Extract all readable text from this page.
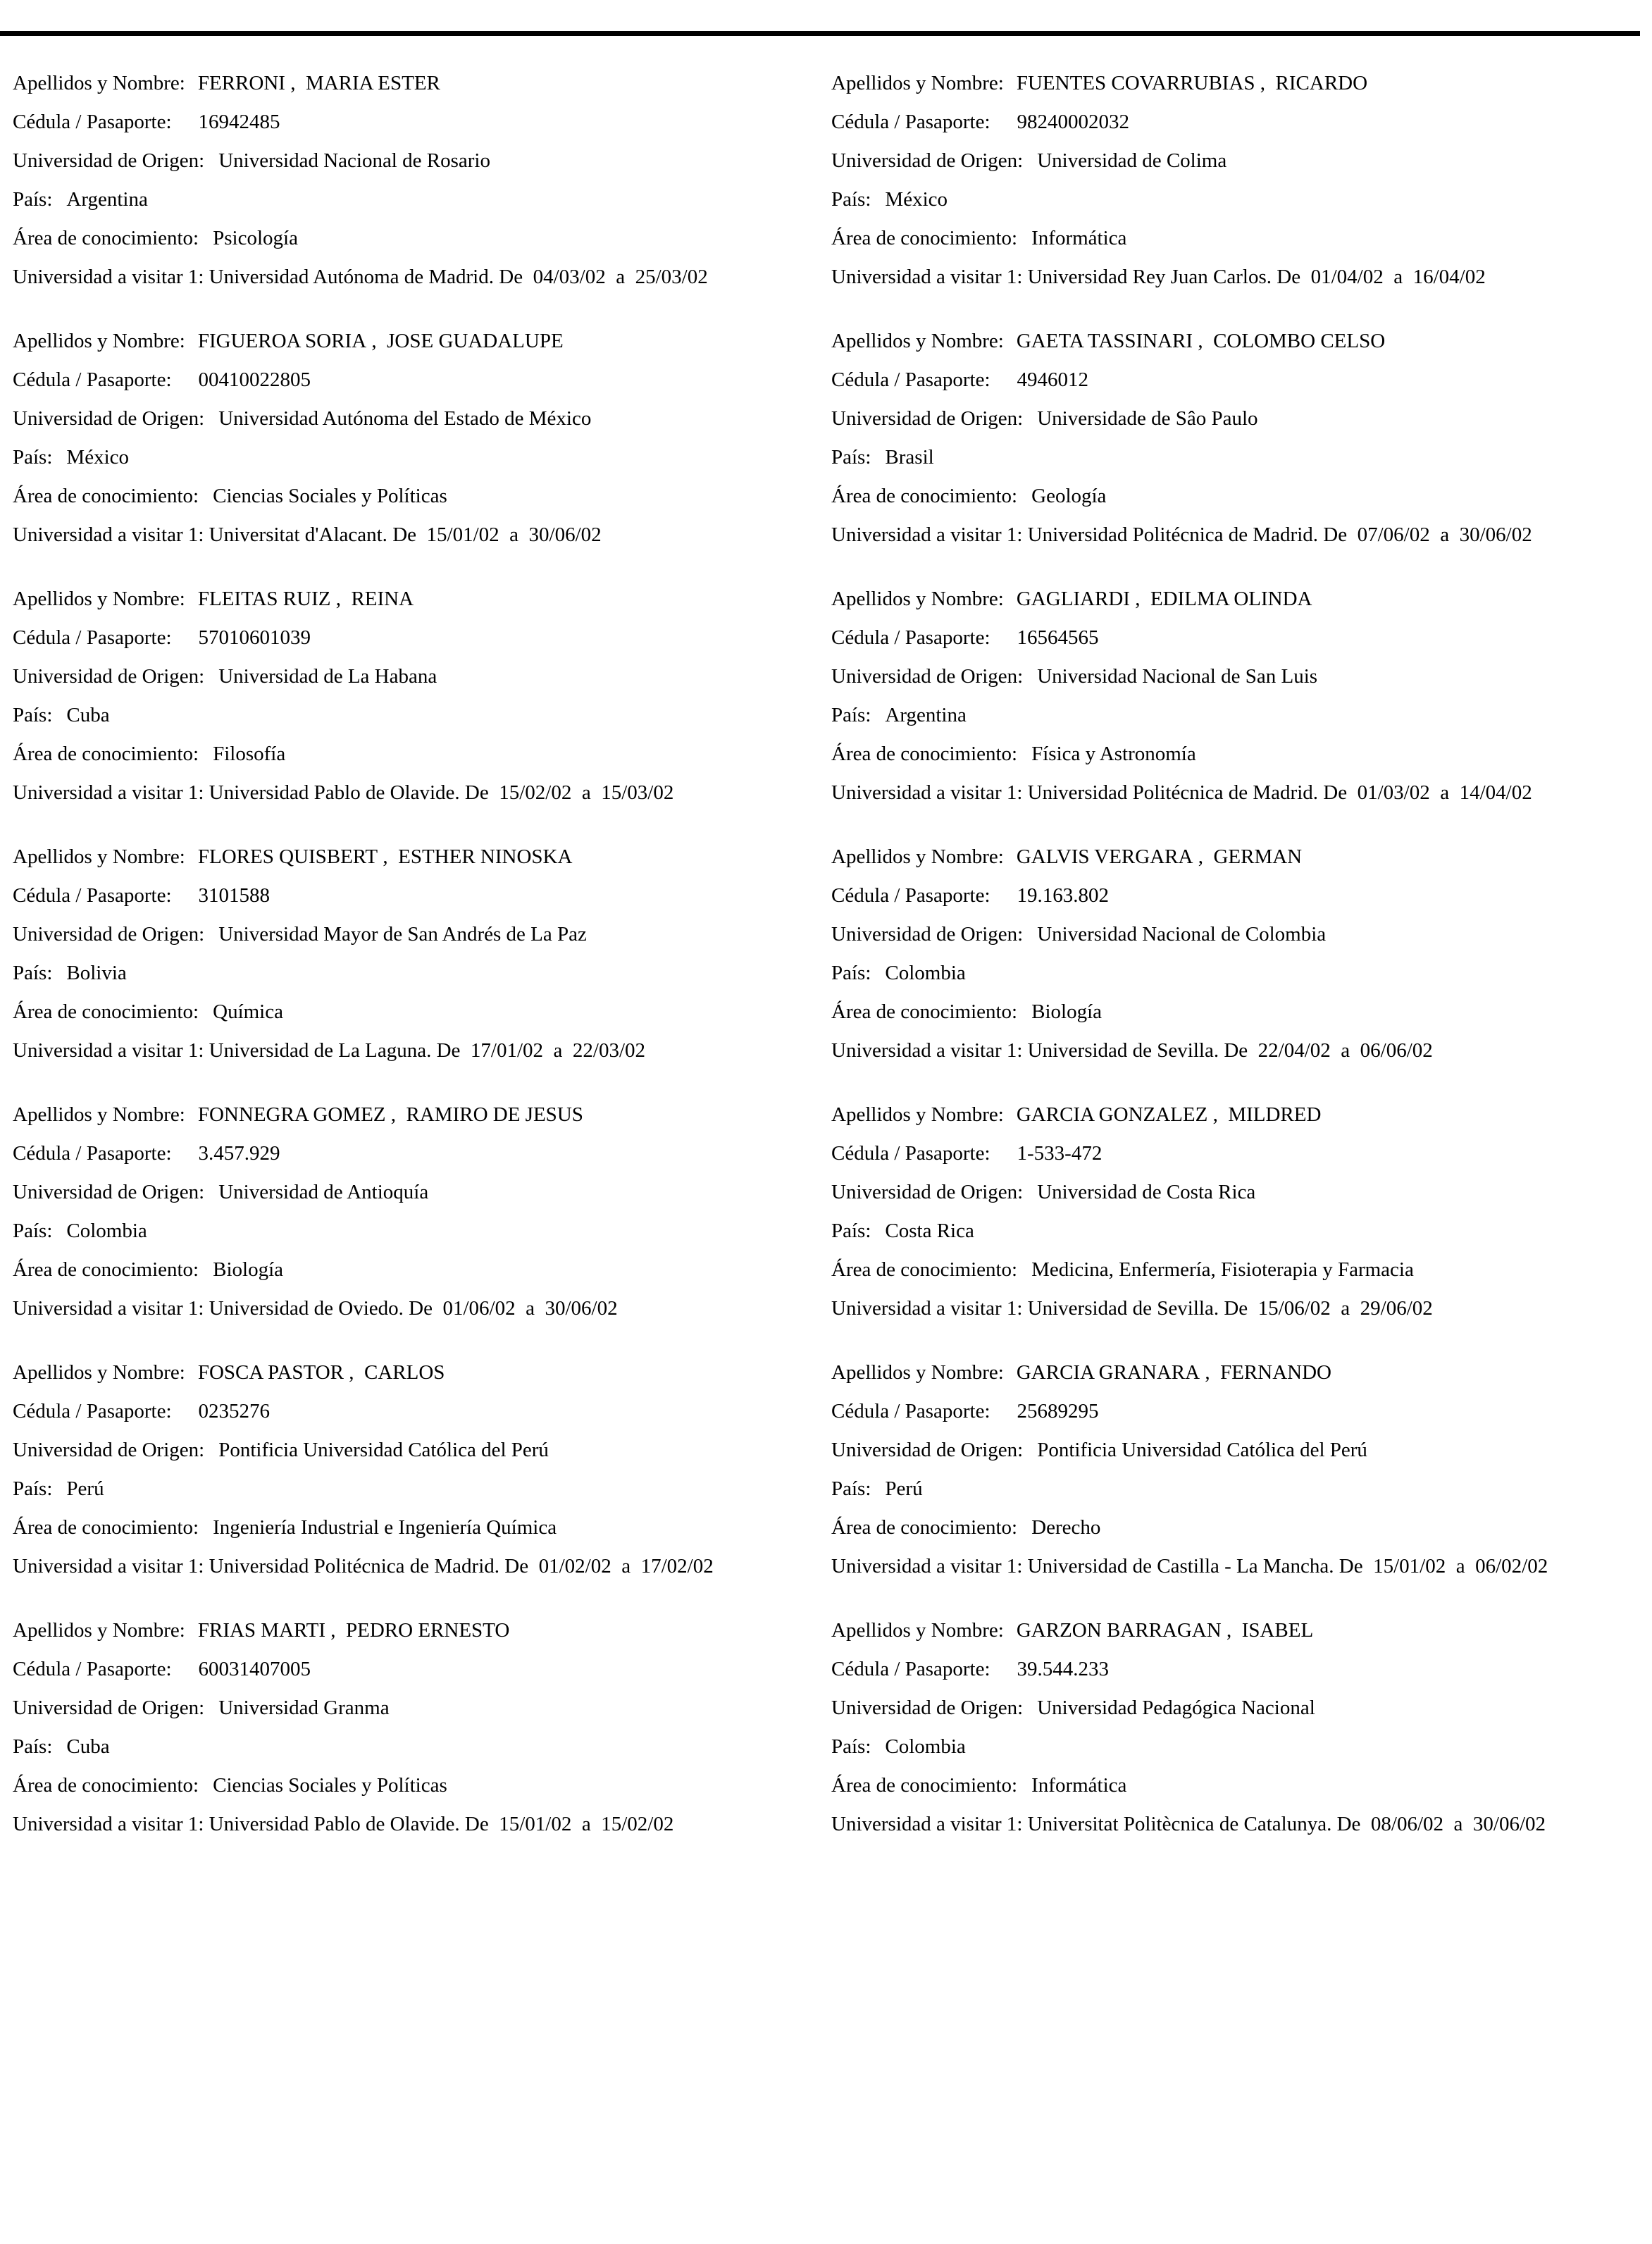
Apellidos y Nombre: FERRONI ,  MARIA ESTER
Cédula / Pasaporte: 16942485
Universidad de Origen: Universidad Nacional de Rosario
País: Argentina
Área de conocimiento: Psicología
Universidad a visitar 1: Universidad Autónoma de Madrid. De 04/03/02 a 25/03/02
Apellidos y Nombre: FIGUEROA SORIA ,  JOSE GUADALUPE
Cédula / Pasaporte: 00410022805
Universidad de Origen: Universidad Autónoma del Estado de México
País: México
Área de conocimiento: Ciencias Sociales y Políticas
Universidad a visitar 1: Universitat d'Alacant. De 15/01/02 a 30/06/02
Apellidos y Nombre: FLEITAS RUIZ ,  REINA
Cédula / Pasaporte: 57010601039
Universidad de Origen: Universidad de La Habana
País: Cuba
Área de conocimiento: Filosofía
Universidad a visitar 1: Universidad Pablo de Olavide. De 15/02/02 a 15/03/02
Apellidos y Nombre: FLORES QUISBERT ,  ESTHER NINOSKA
Cédula / Pasaporte: 3101588
Universidad de Origen: Universidad Mayor de San Andrés de La Paz
País: Bolivia
Área de conocimiento: Química
Universidad a visitar 1: Universidad de La Laguna. De 17/01/02 a 22/03/02
Apellidos y Nombre: FONNEGRA GOMEZ ,  RAMIRO DE JESUS
Cédula / Pasaporte: 3.457.929
Universidad de Origen: Universidad de Antioquía
País: Colombia
Área de conocimiento: Biología
Universidad a visitar 1: Universidad de Oviedo. De 01/06/02 a 30/06/02
Apellidos y Nombre: FOSCA PASTOR ,  CARLOS
Cédula / Pasaporte: 0235276
Universidad de Origen: Pontificia Universidad Católica del Perú
País: Perú
Área de conocimiento: Ingeniería Industrial e Ingeniería Química
Universidad a visitar 1: Universidad Politécnica de Madrid. De 01/02/02 a 17/02/02
Apellidos y Nombre: FRIAS MARTI ,  PEDRO ERNESTO
Cédula / Pasaporte: 60031407005
Universidad de Origen: Universidad Granma
País: Cuba
Área de conocimiento: Ciencias Sociales y Políticas
Universidad a visitar 1: Universidad Pablo de Olavide. De 15/01/02 a 15/02/02
Apellidos y Nombre: FUENTES COVARRUBIAS ,  RICARDO
Cédula / Pasaporte: 98240002032
Universidad de Origen: Universidad de Colima
País: México
Área de conocimiento: Informática
Universidad a visitar 1: Universidad Rey Juan Carlos. De 01/04/02 a 16/04/02
Apellidos y Nombre: GAETA TASSINARI ,  COLOMBO CELSO
Cédula / Pasaporte: 4946012
Universidad de Origen: Universidade de Sâo Paulo
País: Brasil
Área de conocimiento: Geología
Universidad a visitar 1: Universidad Politécnica de Madrid. De 07/06/02 a 30/06/02
Apellidos y Nombre: GAGLIARDI ,  EDILMA OLINDA
Cédula / Pasaporte: 16564565
Universidad de Origen: Universidad Nacional de San Luis
País: Argentina
Área de conocimiento: Física y Astronomía
Universidad a visitar 1: Universidad Politécnica de Madrid. De 01/03/02 a 14/04/02
Apellidos y Nombre: GALVIS VERGARA ,  GERMAN
Cédula / Pasaporte: 19.163.802
Universidad de Origen: Universidad Nacional de Colombia
País: Colombia
Área de conocimiento: Biología
Universidad a visitar 1: Universidad de Sevilla. De 22/04/02 a 06/06/02
Apellidos y Nombre: GARCIA GONZALEZ ,  MILDRED
Cédula / Pasaporte: 1-533-472
Universidad de Origen: Universidad de Costa Rica
País: Costa Rica
Área de conocimiento: Medicina, Enfermería, Fisioterapia y Farmacia
Universidad a visitar 1: Universidad de Sevilla. De 15/06/02 a 29/06/02
Apellidos y Nombre: GARCIA GRANARA ,  FERNANDO
Cédula / Pasaporte: 25689295
Universidad de Origen: Pontificia Universidad Católica del Perú
País: Perú
Área de conocimiento: Derecho
Universidad a visitar 1: Universidad de Castilla - La Mancha. De 15/01/02 a 06/02/02
Apellidos y Nombre: GARZON BARRAGAN ,  ISABEL
Cédula / Pasaporte: 39.544.233
Universidad de Origen: Universidad Pedagógica Nacional
País: Colombia
Área de conocimiento: Informática
Universidad a visitar 1: Universitat Politècnica de Catalunya. De 08/06/02 a 30/06/02
